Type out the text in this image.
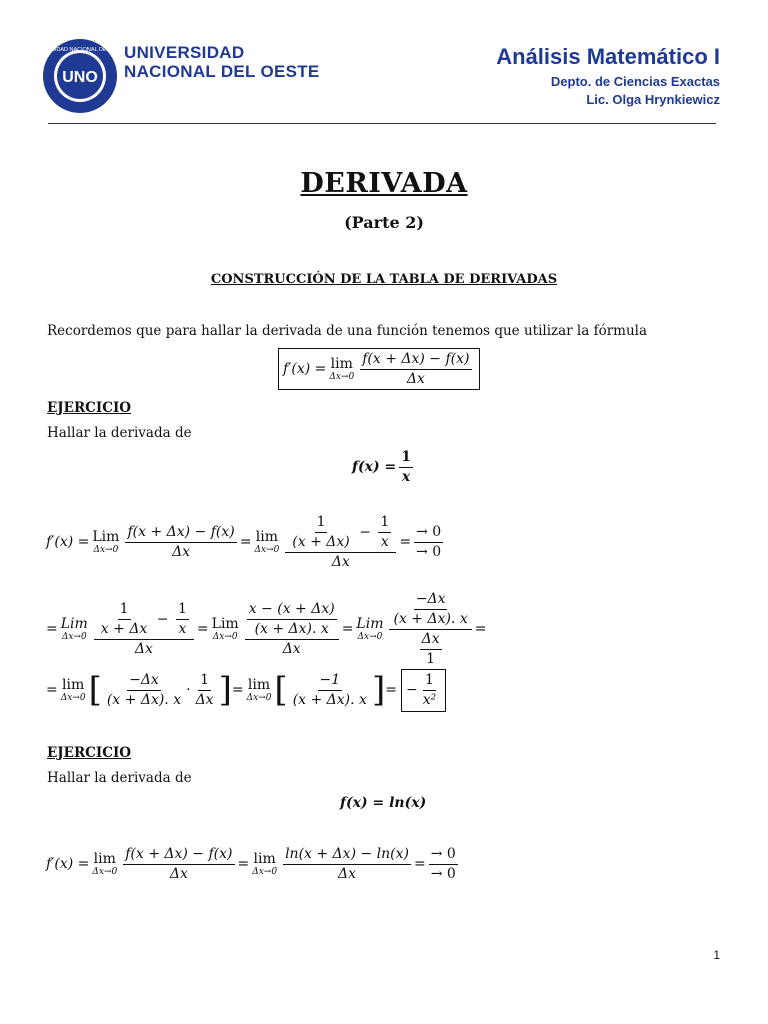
UNO
UNIVERSIDAD NACIONAL DEL OESTE
UNIVERSIDAD
NACIONAL DEL OESTE
Análisis Matemático I
Depto. de Ciencias Exactas
Lic. Olga Hrynkiewicz
DERIVADA
(Parte 2)
CONSTRUCCIÓN DE LA TABLA DE DERIVADAS
Recordemos que para hallar la derivada de una función tenemos que utilizar la fórmula
f′(x) = lim
$\Delta x\to 0 \frac{f(x + \Delta x) - f(x)}{\Delta x}$
EJERCICIO
Hallar la derivada de
$f(x) = \frac{1}{x}$
f′(x) = Lim
$\Delta x\to 0 \frac{f(x + \Delta x) - f(x)}{\Delta x} = \lim$
$\Delta x\to 0 \frac{\frac{1}{(x + \Delta x)} - \frac{1}{x}}{\Delta x} = \frac{\to 0}{\to 0}$
= Lim
$\Delta x\to 0 \frac{\frac{1}{x + \Delta x} - \frac{1}{x}}{\Delta x}$ = Lim
$\Delta x\to 0 \frac{\frac{x - (x + \Delta x)}{(x + \Delta x). x}}{\Delta x}$ = Lim
$\Delta x\to 0 \frac{\frac{-\Delta x}{(x + \Delta x). x}}{\frac{\Delta x}{1}}$ =
= lim
Δx→0 [ $\frac{-\Delta x}{(x + \Delta x). x} \cdot \frac{1}{\Delta x}$ ] = lim
Δx→0 [ $\frac{-1}{(x + \Delta x). x}$ ] = − $\frac{1}{\text{x²}}$
EJERCICIO
Hallar la derivada de
f(x) = ln(x)
f′(x) = lim
$\Delta x\to 0 \frac{f(x + \Delta x) - f(x)}{\Delta x} = \lim$
$\Delta x\to 0 \frac{\ln(x + \Delta x) - \ln(x)}{\Delta x} = \frac{\to 0}{\to 0}$
1
